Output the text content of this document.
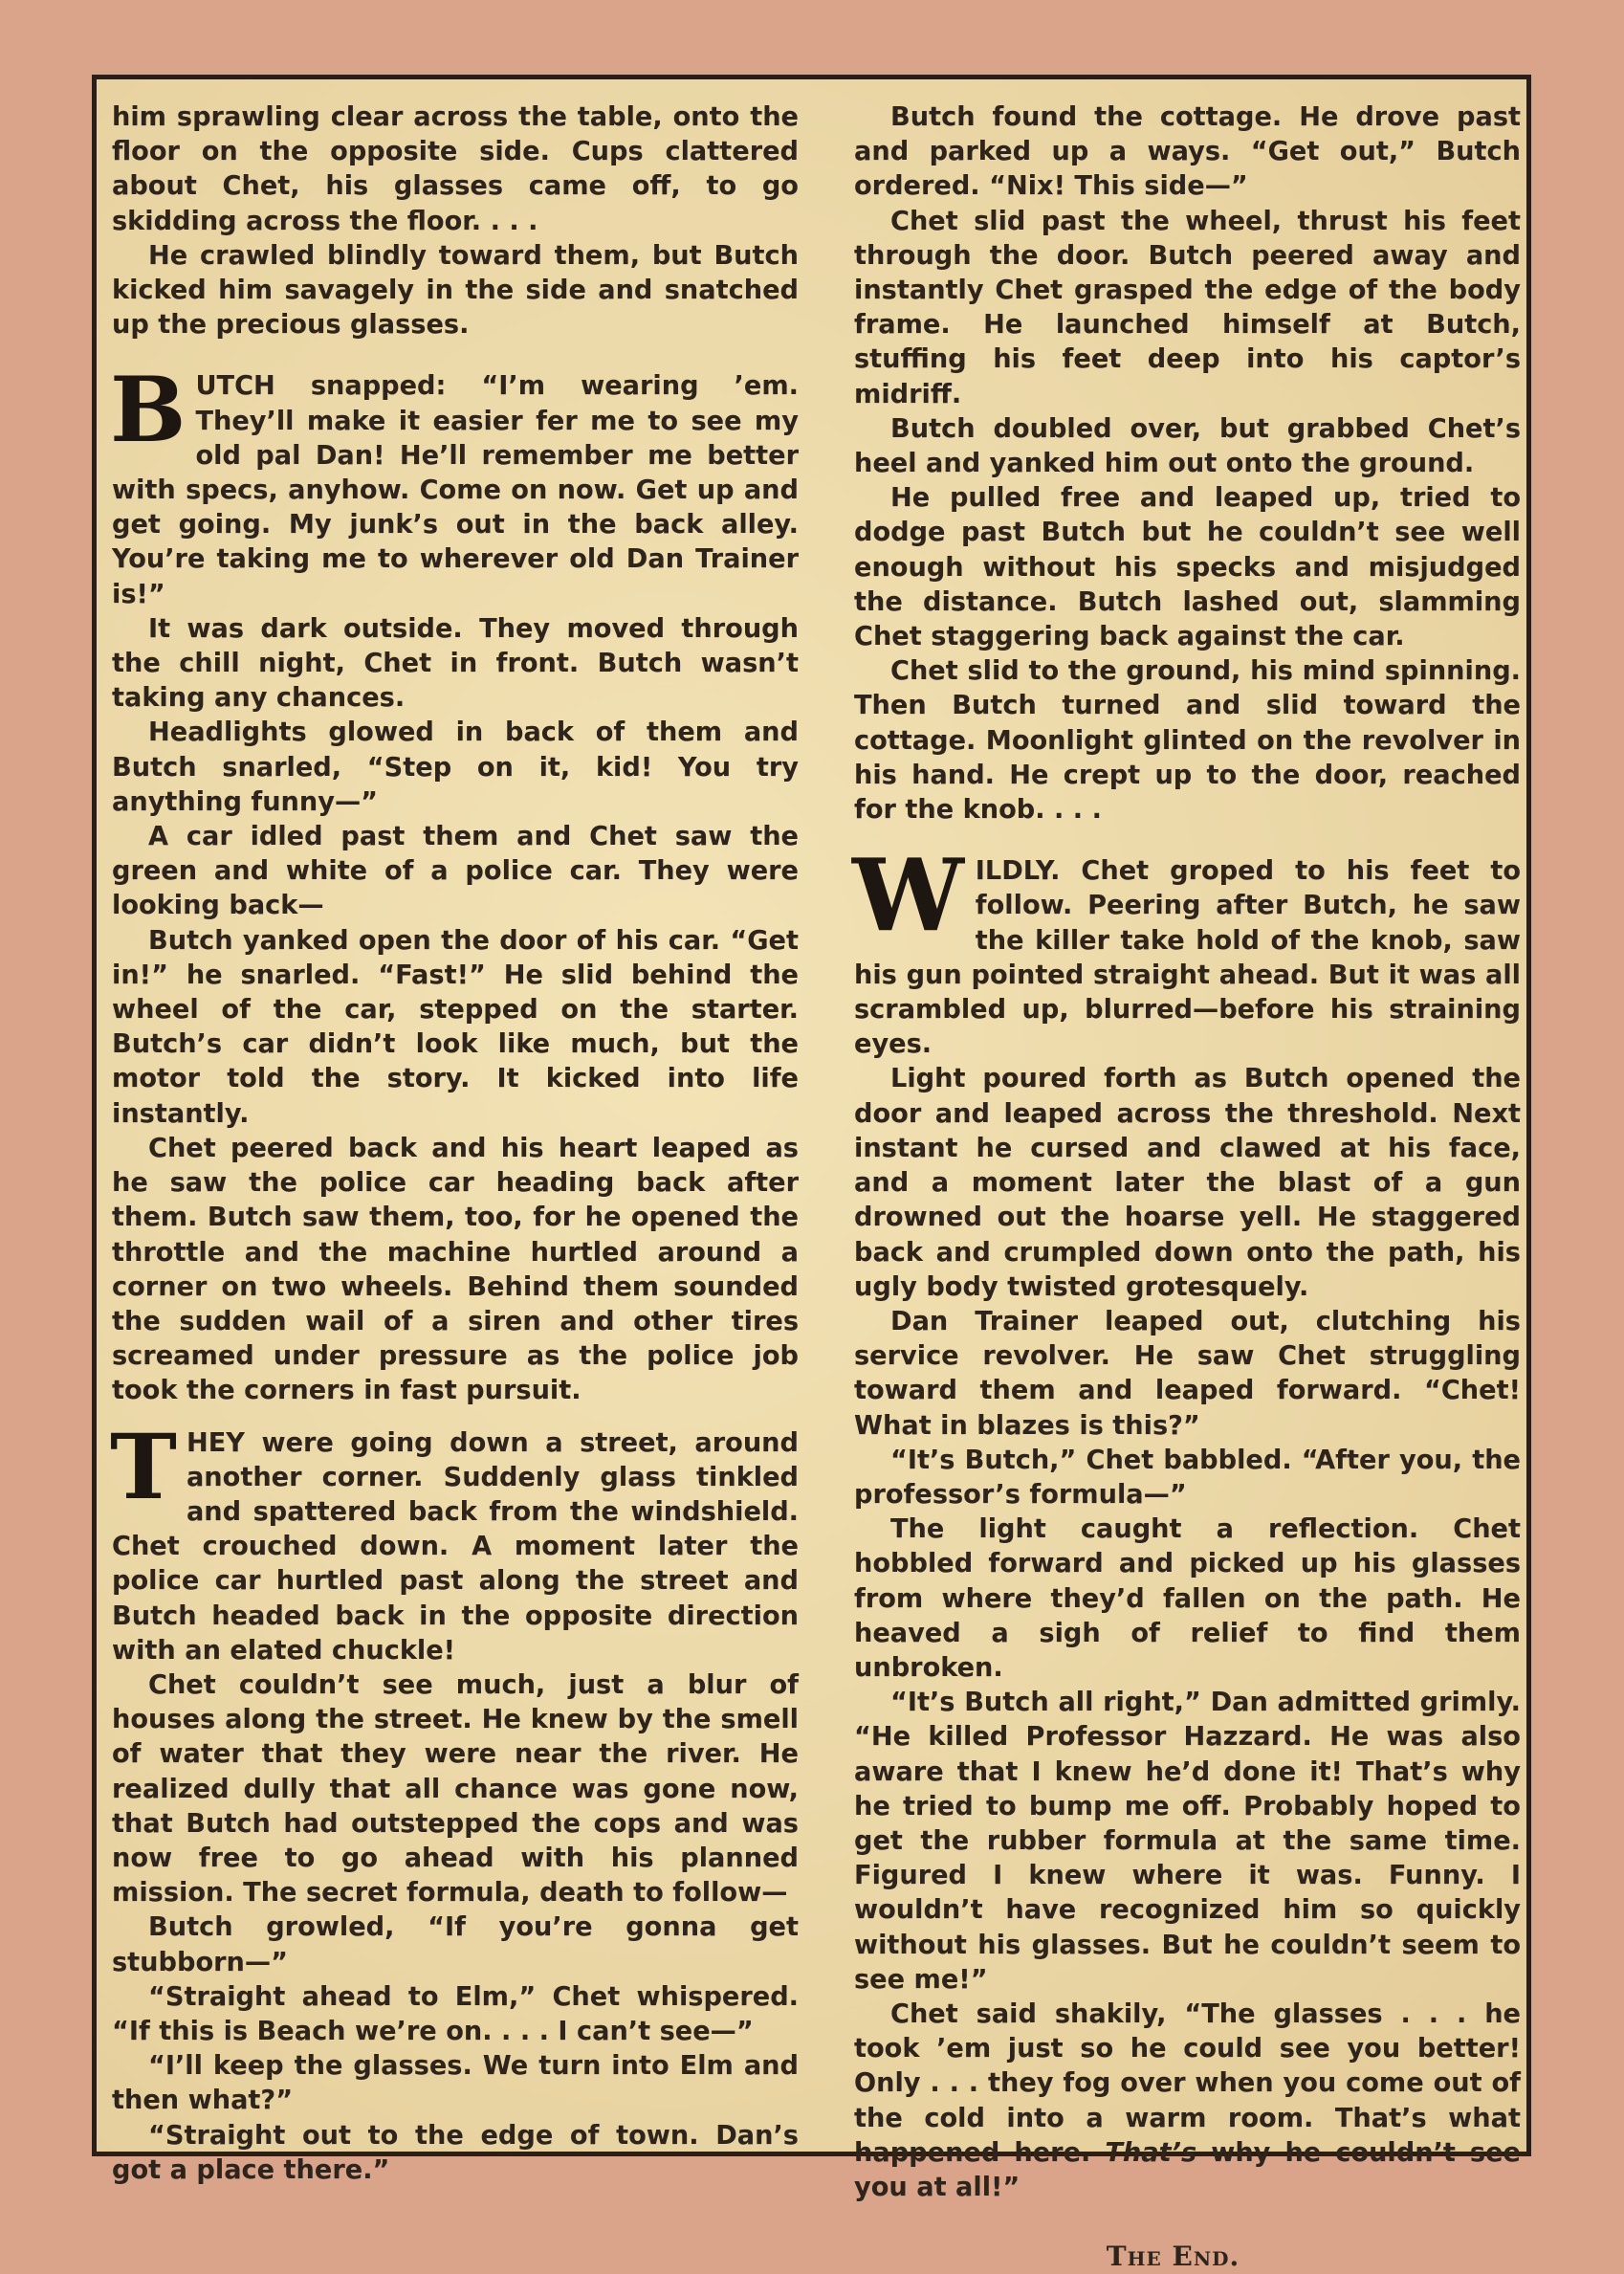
him sprawling clear across the table, onto the floor on the opposite side. Cups clattered about Chet, his glasses came off, to go skidding across the floor. . . .

He crawled blindly toward them, but Butch kicked him savagely in the side and snatched up the precious glasses.

BUTCH snapped: “I’m wearing ’em. They’ll make it easier fer me to see my old pal Dan! He’ll remember me better with specs, anyhow. Come on now. Get up and get going. My junk’s out in the back alley. You’re taking me to wherever old Dan Trainer is!”

It was dark outside. They moved through the chill night, Chet in front. Butch wasn’t taking any chances.

Headlights glowed in back of them and Butch snarled, “Step on it, kid! You try anything funny—”

A car idled past them and Chet saw the green and white of a police car. They were looking back—

Butch yanked open the door of his car. “Get in!” he snarled. “Fast!” He slid behind the wheel of the car, stepped on the starter. Butch’s car didn’t look like much, but the motor told the story. It kicked into life instantly.

Chet peered back and his heart leaped as he saw the police car heading back after them. Butch saw them, too, for he opened the throttle and the machine hurtled around a corner on two wheels. Behind them sounded the sudden wail of a siren and other tires screamed under pressure as the police job took the corners in fast pursuit.

THEY were going down a street, around another corner. Suddenly glass tinkled and spattered back from the windshield. Chet crouched down. A moment later the police car hurtled past along the street and Butch headed back in the opposite direction with an elated chuckle!

Chet couldn’t see much, just a blur of houses along the street. He knew by the smell of water that they were near the river. He realized dully that all chance was gone now, that Butch had outstepped the cops and was now free to go ahead with his planned mission. The secret formula, death to follow—

Butch growled, “If you’re gonna get stubborn—”

“Straight ahead to Elm,” Chet whispered. “If this is Beach we’re on. . . . I can’t see—”

“I’ll keep the glasses. We turn into Elm and then what?”

“Straight out to the edge of town. Dan’s got a place there.”

Butch found the cottage. He drove past and parked up a ways. “Get out,” Butch ordered. “Nix! This side—”

Chet slid past the wheel, thrust his feet through the door. Butch peered away and instantly Chet grasped the edge of the body frame. He launched himself at Butch, stuffing his feet deep into his captor’s midriff.

Butch doubled over, but grabbed Chet’s heel and yanked him out onto the ground.

He pulled free and leaped up, tried to dodge past Butch but he couldn’t see well enough without his specks and misjudged the distance. Butch lashed out, slamming Chet staggering back against the car.

Chet slid to the ground, his mind spinning. Then Butch turned and slid toward the cottage. Moonlight glinted on the revolver in his hand. He crept up to the door, reached for the knob. . . .

WILDLY. Chet groped to his feet to follow. Peering after Butch, he saw the killer take hold of the knob, saw his gun pointed straight ahead. But it was all scrambled up, blurred—before his straining eyes.

Light poured forth as Butch opened the door and leaped across the threshold. Next instant he cursed and clawed at his face, and a moment later the blast of a gun drowned out the hoarse yell. He staggered back and crumpled down onto the path, his ugly body twisted grotesquely.

Dan Trainer leaped out, clutching his service revolver. He saw Chet struggling toward them and leaped forward. “Chet! What in blazes is this?”

“It’s Butch,” Chet babbled. “After you, the professor’s formula—”

The light caught a reflection. Chet hobbled forward and picked up his glasses from where they’d fallen on the path. He heaved a sigh of relief to find them unbroken.

“It’s Butch all right,” Dan admitted grimly. “He killed Professor Hazzard. He was also aware that I knew he’d done it! That’s why he tried to bump me off. Probably hoped to get the rubber formula at the same time. Figured I knew where it was. Funny. I wouldn’t have recognized him so quickly without his glasses. But he couldn’t seem to see me!”

Chet said shakily, “The glasses . . . he took ’em just so he could see you better! Only . . . they fog over when you come out of the cold into a warm room. That’s what happened here. That’s why he couldn’t see you at all!”

The End.
